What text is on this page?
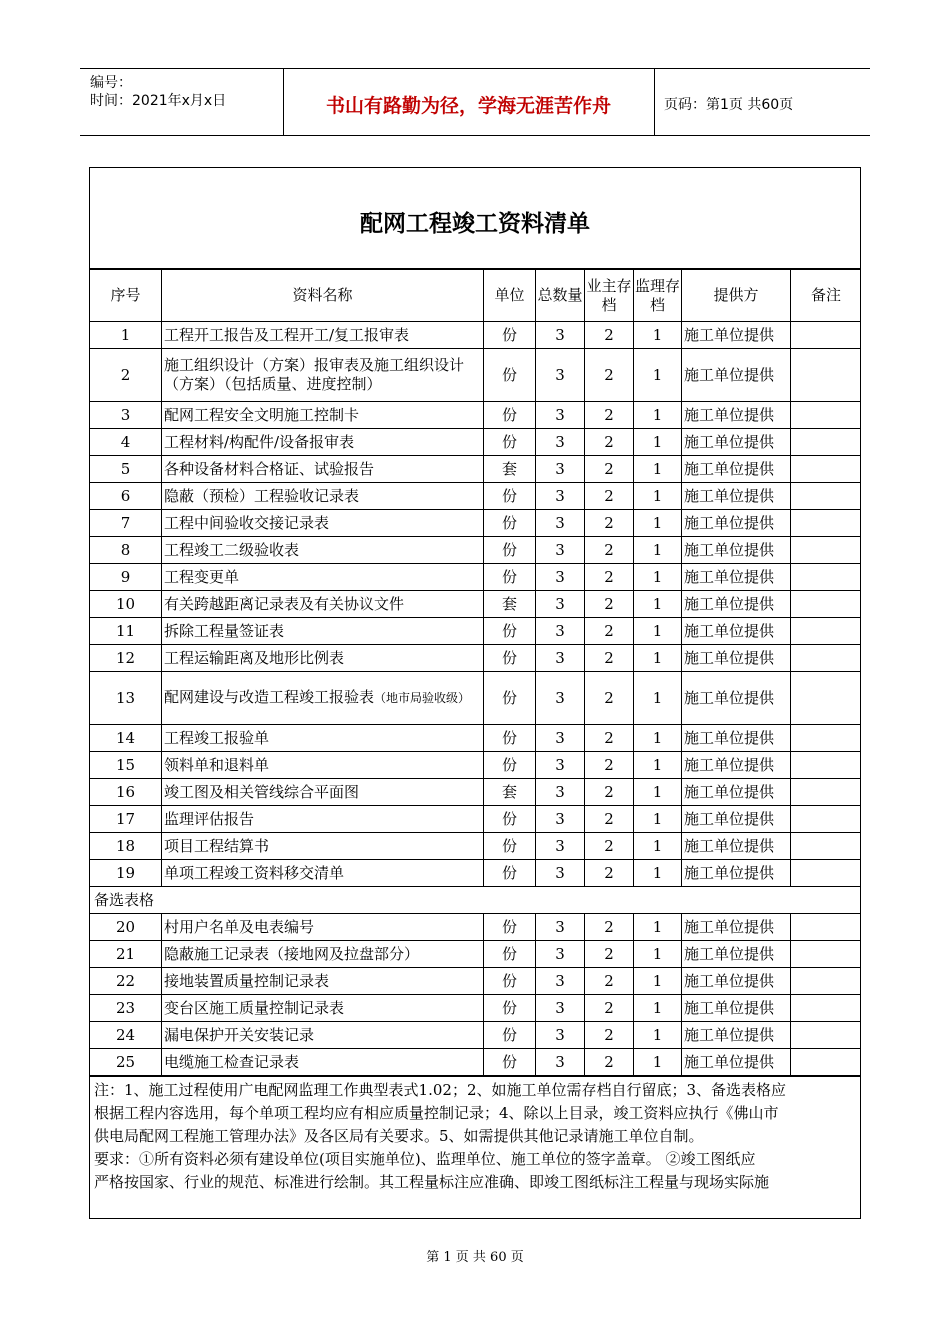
编号：
时间：2021年x月x日	书山有路勤为径，学海无涯苦作舟	页码：第1页 共60页
配网工程竣工资料清单
序号	资料名称	单位	总数量	业主存档	监理存档	提供方	备注
1	工程开工报告及工程开工/复工报审表	份	3	2	1	施工单位提供	
2	施工组织设计（方案）报审表及施工组织设计（方案）（包括质量、进度控制）	份	3	2	1	施工单位提供	
3	配网工程安全文明施工控制卡	份	3	2	1	施工单位提供	
4	工程材料/构配件/设备报审表	份	3	2	1	施工单位提供	
5	各种设备材料合格证、试验报告	套	3	2	1	施工单位提供	
6	隐蔽（预检）工程验收记录表	份	3	2	1	施工单位提供	
7	工程中间验收交接记录表	份	3	2	1	施工单位提供	
8	工程竣工二级验收表	份	3	2	1	施工单位提供	
9	工程变更单	份	3	2	1	施工单位提供	
10	有关跨越距离记录表及有关协议文件	套	3	2	1	施工单位提供	
11	拆除工程量签证表	份	3	2	1	施工单位提供	
12	工程运输距离及地形比例表	份	3	2	1	施工单位提供	
13	配网建设与改造工程竣工报验表（地市局验收级）	份	3	2	1	施工单位提供	
14	工程竣工报验单	份	3	2	1	施工单位提供	
15	领料单和退料单	份	3	2	1	施工单位提供	
16	竣工图及相关管线综合平面图	套	3	2	1	施工单位提供	
17	监理评估报告	份	3	2	1	施工单位提供	
18	项目工程结算书	份	3	2	1	施工单位提供	
19	单项工程竣工资料移交清单	份	3	2	1	施工单位提供	
备选表格							
20	村用户名单及电表编号	份	3	2	1	施工单位提供	
21	隐蔽施工记录表（接地网及拉盘部分）	份	3	2	1	施工单位提供	
22	接地装置质量控制记录表	份	3	2	1	施工单位提供	
23	变台区施工质量控制记录表	份	3	2	1	施工单位提供	
24	漏电保护开关安装记录	份	3	2	1	施工单位提供	
25	电缆施工检查记录表	份	3	2	1	施工单位提供	

注：1、施工过程使用广电配网监理工作典型表式1.02；2、如施工单位需存档自行留底；3、备选表格应

根据工程内容选用，每个单项工程均应有相应质量控制记录；4、除以上目录，竣工资料应执行《佛山市

供电局配网工程施工管理办法》及各区局有关要求。5、如需提供其他记录请施工单位自制。

要求：①所有资料必须有建设单位(项目实施单位)、监理单位、施工单位的签字盖章。 ②竣工图纸应

严格按国家、行业的规范、标准进行绘制。其工程量标注应准确、即竣工图纸标注工程量与现场实际施

第 1 页 共 60 页
